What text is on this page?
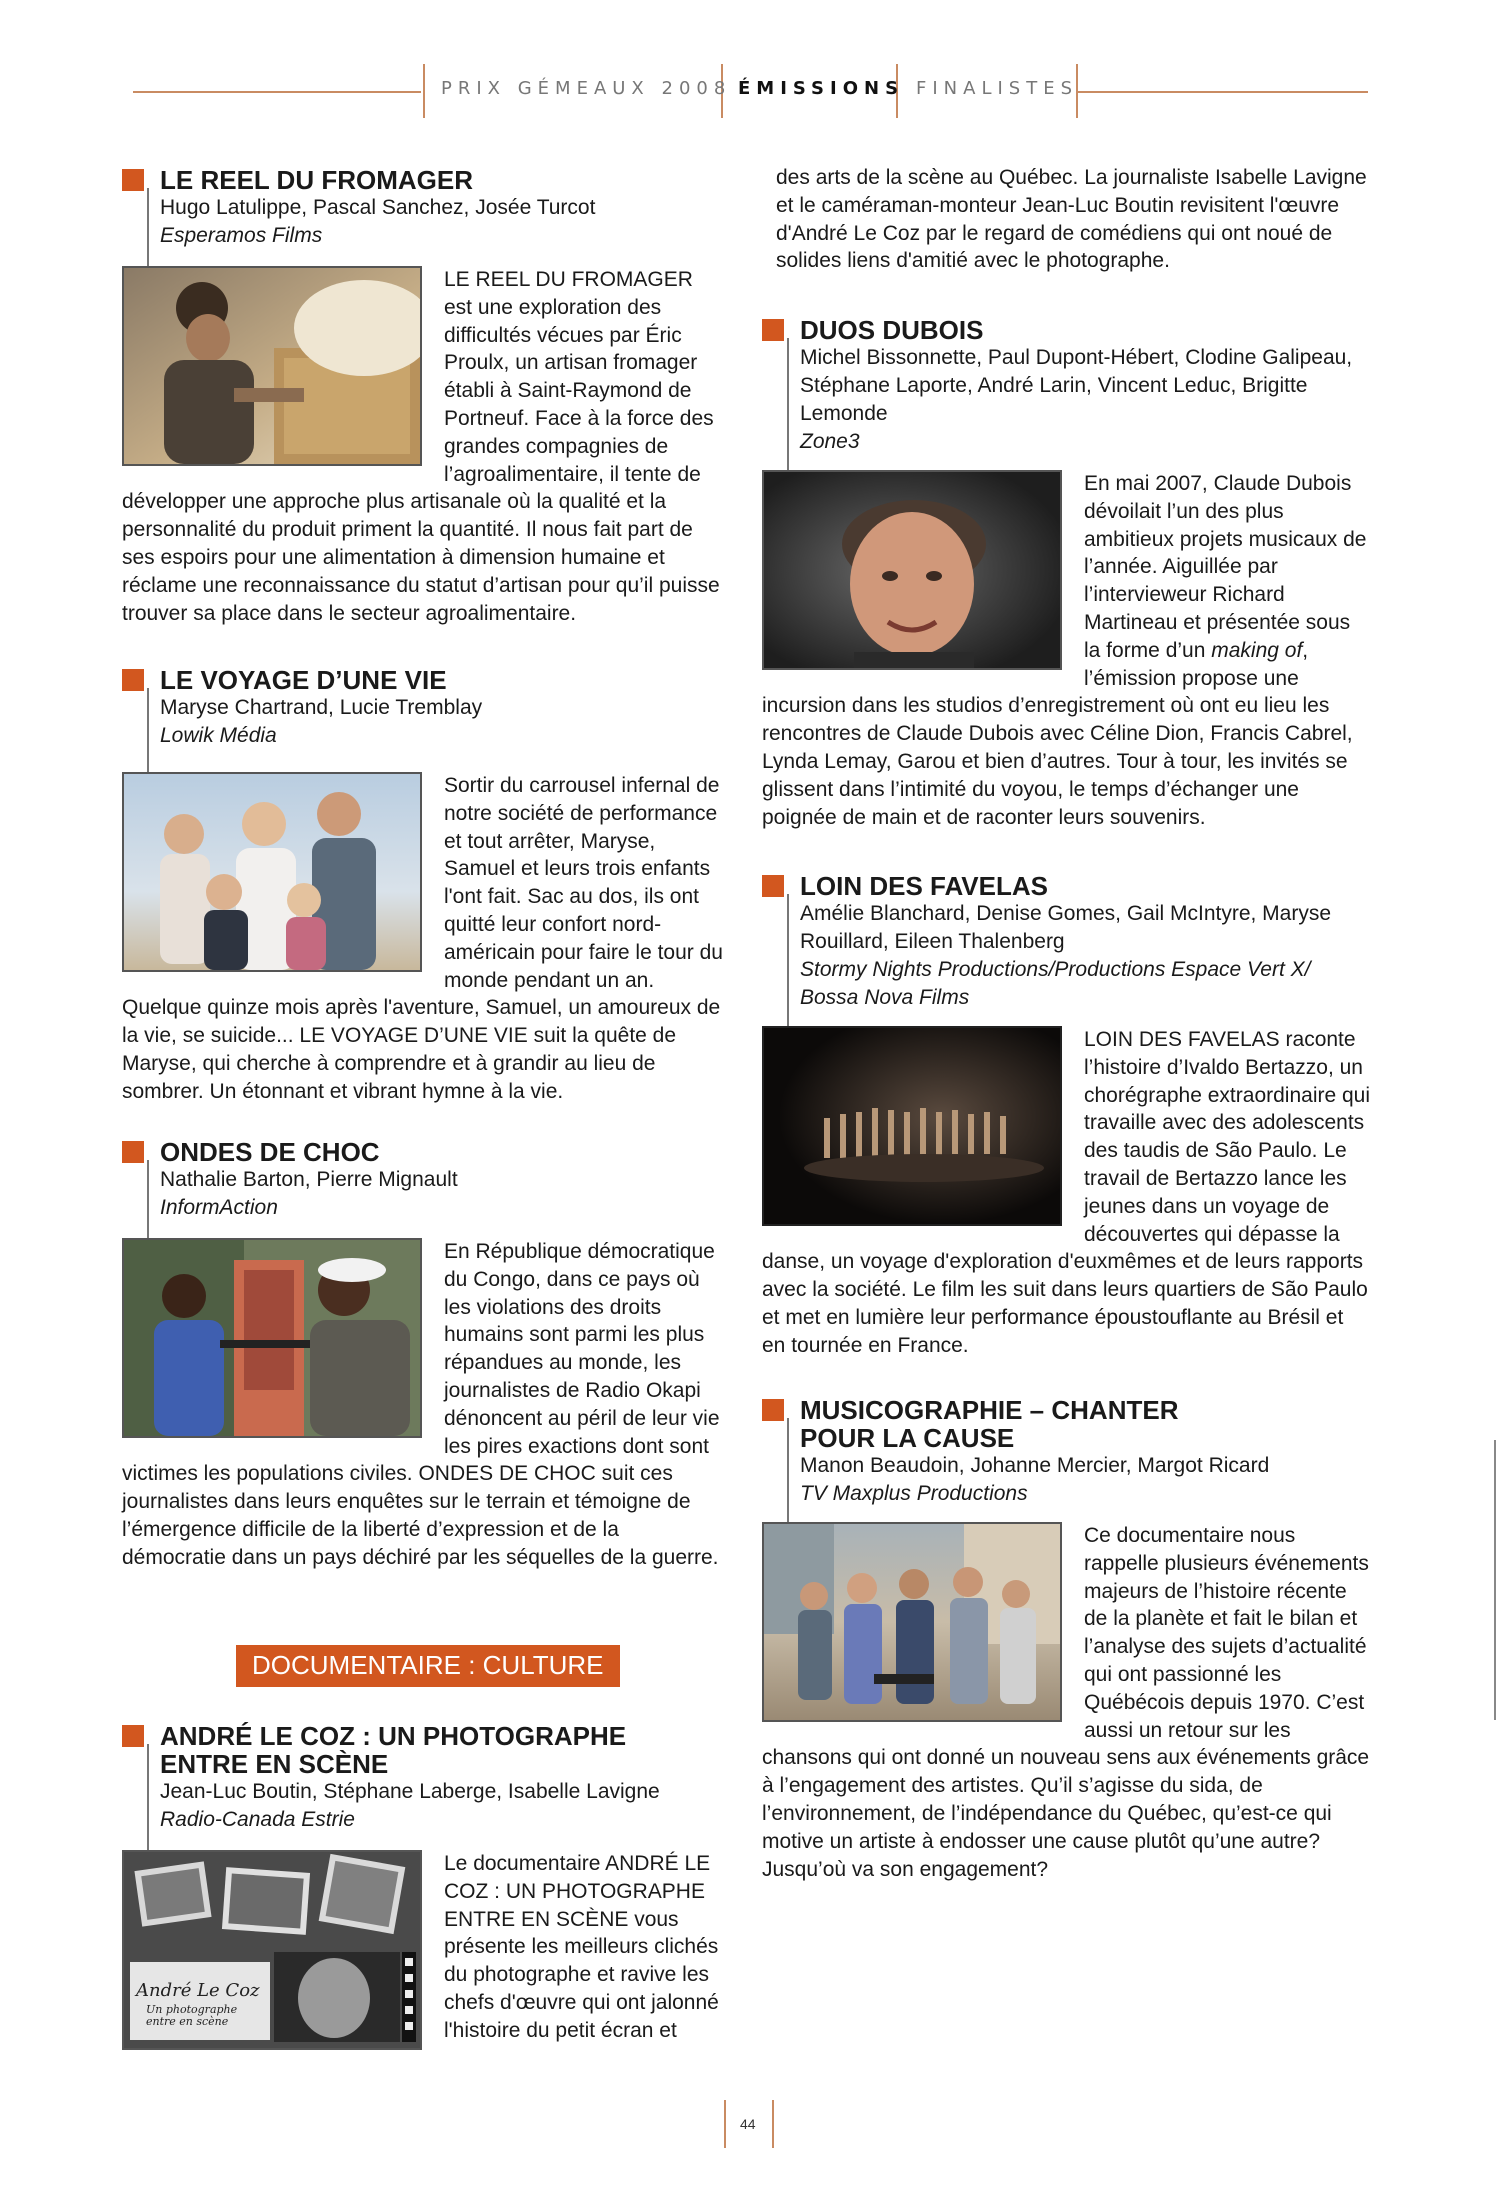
PRIX GÉMEAUX 2008 ÉMISSIONS FINALISTES
LE REEL DU FROMAGER
Hugo Latulippe, Pascal Sanchez, Josée Turcot
Esperamos Films
LE REEL DU FROMAGER est une exploration des difficultés vécues par Éric Proulx, un artisan fromager établi à Saint-Raymond de Portneuf. Face à la force des grandes compagnies de l’agroalimentaire, il tente de développer une approche plus artisanale où la qualité et la personnalité du produit priment la quantité. Il nous fait part de ses espoirs pour une alimentation à dimension humaine et réclame une reconnaissance du statut d’artisan pour qu’il puisse trouver sa place dans le secteur agroalimentaire.
LE VOYAGE D’UNE VIE
Maryse Chartrand, Lucie Tremblay
Lowik Média
Sortir du carrousel infernal de notre société de performance et tout arrêter, Maryse, Samuel et leurs trois enfants l'ont fait. Sac au dos, ils ont quitté leur confort nord-américain pour faire le tour du monde pendant un an. Quelque quinze mois après l'aventure, Samuel, un amoureux de la vie, se suicide... LE VOYAGE D’UNE VIE suit la quête de Maryse, qui cherche à comprendre et à grandir au lieu de sombrer. Un étonnant et vibrant hymne à la vie.
ONDES DE CHOC
Nathalie Barton, Pierre Mignault
InformAction
En République démocratique du Congo, dans ce pays où les violations des droits humains sont parmi les plus répandues au monde, les journalistes de Radio Okapi dénoncent au péril de leur vie les pires exactions dont sont victimes les populations civiles. ONDES DE CHOC suit ces journalistes dans leurs enquêtes sur le terrain et témoigne de l’émergence difficile de la liberté d’expression et de la démocratie dans un pays déchiré par les séquelles de la guerre.
DOCUMENTAIRE : CULTURE
ANDRÉ LE COZ : UN PHOTOGRAPHE ENTRE EN SCÈNE
Jean-Luc Boutin, Stéphane Laberge, Isabelle Lavigne
Radio-Canada Estrie
André Le Coz
Un photographe entre en scène
Le documentaire ANDRÉ LE COZ : UN PHOTOGRAPHE ENTRE EN SCÈNE vous présente les meilleurs clichés du photographe et ravive les chefs d'œuvre qui ont jalonné l'histoire du petit écran et
des arts de la scène au Québec. La journaliste Isabelle Lavigne et le caméraman-monteur Jean-Luc Boutin revisitent l'œuvre d'André Le Coz par le regard de comédiens qui ont noué de solides liens d'amitié avec le photographe.
DUOS DUBOIS
Michel Bissonnette, Paul Dupont-Hébert, Clodine Galipeau, Stéphane Laporte, André Larin, Vincent Leduc, Brigitte Lemonde
Zone3
En mai 2007, Claude Dubois dévoilait l’un des plus ambitieux projets musicaux de l’année. Aiguillée par l’intervieweur Richard Martineau et présentée sous la forme d’un making of, l’émission propose une incursion dans les studios d’enregistrement où ont eu lieu les rencontres de Claude Dubois avec Céline Dion, Francis Cabrel, Lynda Lemay, Garou et bien d’autres. Tour à tour, les invités se glissent dans l’intimité du voyou, le temps d’échanger une poignée de main et de raconter leurs souvenirs.
LOIN DES FAVELAS
Amélie Blanchard, Denise Gomes, Gail McIntyre, Maryse Rouillard, Eileen Thalenberg
Stormy Nights Productions/Productions Espace Vert X/ Bossa Nova Films
LOIN DES FAVELAS raconte l’histoire d’Ivaldo Bertazzo, un chorégraphe extraordinaire qui travaille avec des adolescents des taudis de São Paulo. Le travail de Bertazzo lance les jeunes dans un voyage de découvertes qui dépasse la danse, un voyage d'exploration d'euxmêmes et de leurs rapports avec la société. Le film les suit dans leurs quartiers de São Paulo et met en lumière leur performance époustouflante au Brésil et en tournée en France.
MUSICOGRAPHIE – CHANTER POUR LA CAUSE
Manon Beaudoin, Johanne Mercier, Margot Ricard
TV Maxplus Productions
Ce documentaire nous rappelle plusieurs événements majeurs de l’histoire récente de la planète et fait le bilan et l’analyse des sujets d’actualité qui ont passionné les Québécois depuis 1970. C’est aussi un retour sur les chansons qui ont donné un nouveau sens aux événements grâce à l’engagement des artistes. Qu’il s’agisse du sida, de l’environnement, de l’indépendance du Québec, qu’est-ce qui motive un artiste à endosser une cause plutôt qu’une autre? Jusqu’où va son engagement?
44
